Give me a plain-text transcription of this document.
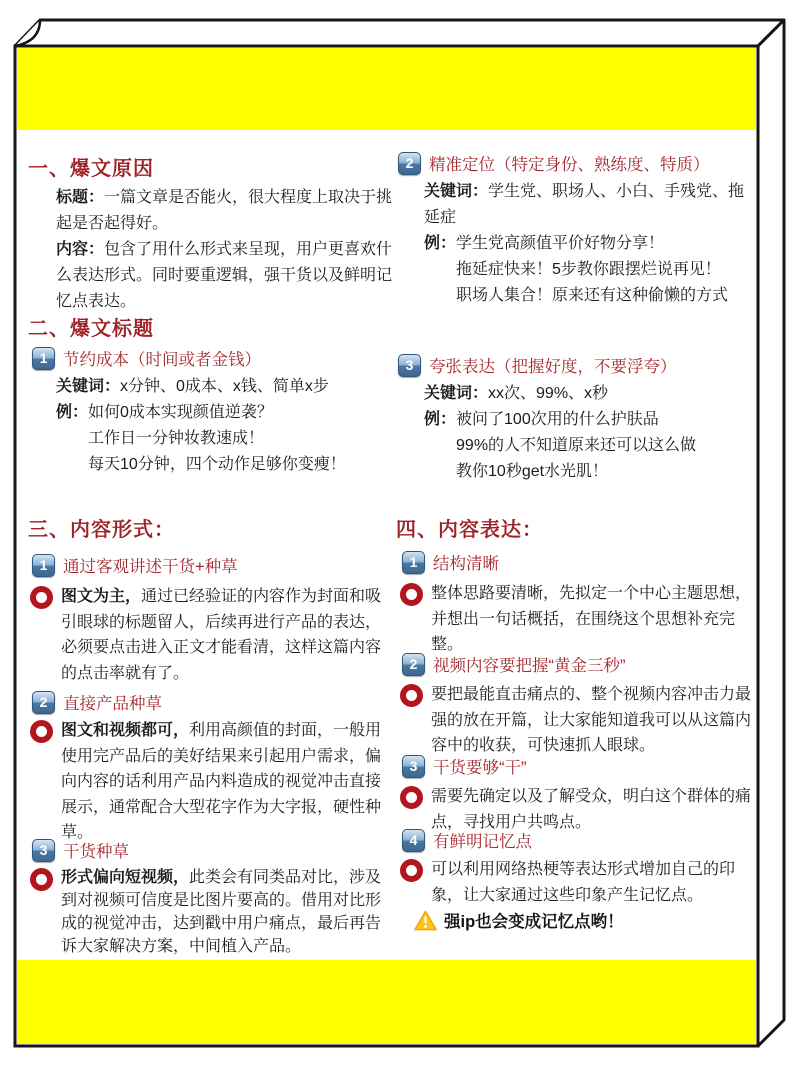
一、爆文原因

标题：一篇文章是否能火，很大程度上取决于挑起是否起得好。

内容：包含了用什么形式来呈现，用户更喜欢什么表达形式。同时要重逻辑，强干货以及鲜明记忆点表达。

2 精准定位（特定身份、熟练度、特质）

关键词：学生党、职场人、小白、手残党、拖延症

例： 学生党高颜值平价好物分享！
拖延症快来！5步教你跟摆烂说再见！
职场人集合！原来还有这种偷懒的方式
二、爆文标题
1 节约成本（时间或者金钱）

关键词：x分钟、0成本、x钱、简单x步

例： 如何0成本实现颜值逆袭？
工作日一分钟妆教速成！
每天10分钟，四个动作足够你变瘦！
3 夸张表达（把握好度，不要浮夸）

关键词：xx次、99%、x秒

例： 被问了100次用的什么护肤品
99%的人不知道原来还可以这么做
教你10秒get水光肌！
三、内容形式：
1 通过客观讲述干货+种草

图文为主，通过已经验证的内容作为封面和吸引眼球的标题留人，后续再进行产品的表达，必须要点击进入正文才能看清，这样这篇内容的点击率就有了。

2 直接产品种草

图文和视频都可，利用高颜值的封面，一般用使用完产品后的美好结果来引起用户需求，偏向内容的话利用产品内料造成的视觉冲击直接展示，通常配合大型花字作为大字报，硬性种草。

3 干货种草

形式偏向短视频，此类会有同类品对比，涉及到对视频可信度是比图片要高的。借用对比形成的视觉冲击，达到戳中用户痛点，最后再告诉大家解决方案，中间植入产品。

四、内容表达：
1 结构清晰

整体思路要清晰，先拟定一个中心主题思想，并想出一句话概括，在围绕这个思想补充完整。

2 视频内容要把握“黄金三秒”

要把最能直击痛点的、整个视频内容冲击力最强的放在开篇，让大家能知道我可以从这篇内容中的收获，可快速抓人眼球。

3 干货要够“干”

需要先确定以及了解受众，明白这个群体的痛点，寻找用户共鸣点。

4 有鲜明记忆点

可以利用网络热梗等表达形式增加自己的印象，让大家通过这些印象产生记忆点。

强ip也会变成记忆点哟！
